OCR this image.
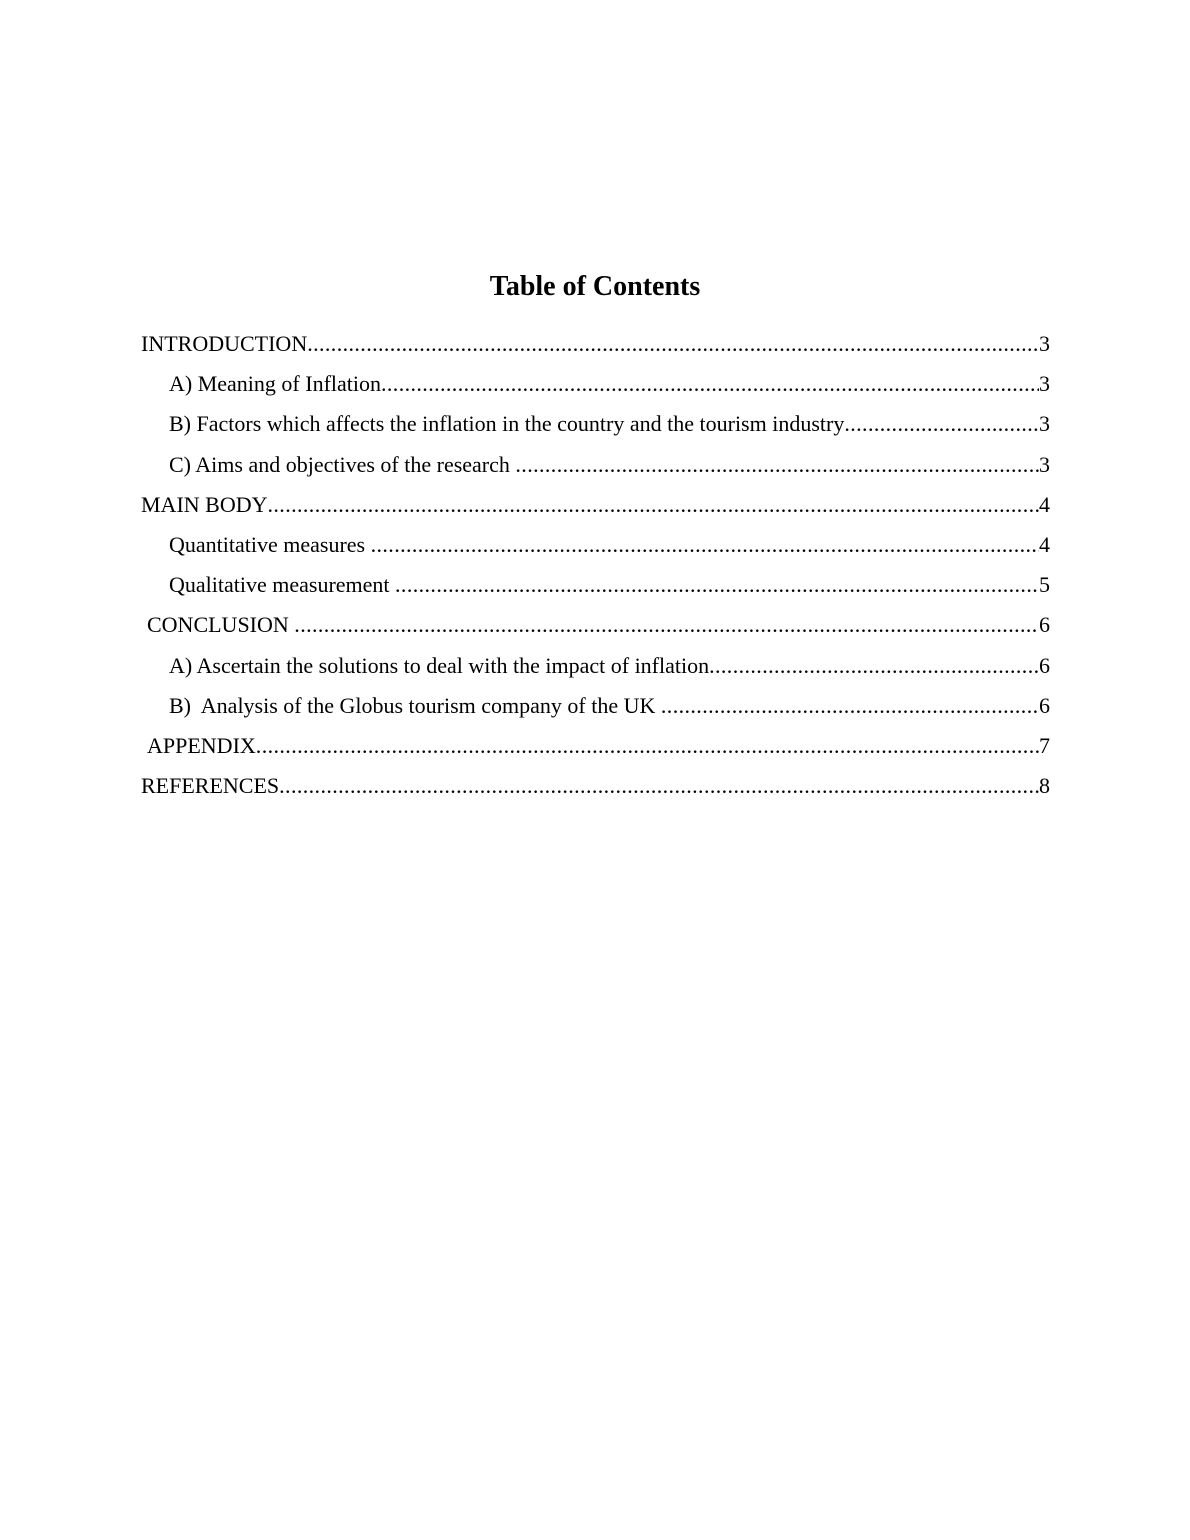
Table of Contents
INTRODUCTION .....	3
A) Meaning of Inflation .....	3
B) Factors which affects the inflation in the country and the tourism industry .....	3
C) Aims and objectives of the research .....	3
MAIN BODY .....	4
Quantitative measures .....	4
Qualitative measurement .....	5
CONCLUSION .....	6
A) Ascertain the solutions to deal with the impact of inflation .....	6
B)  Analysis of the Globus tourism company of the UK .....	6
APPENDIX .....	7
REFERENCES .....	8
